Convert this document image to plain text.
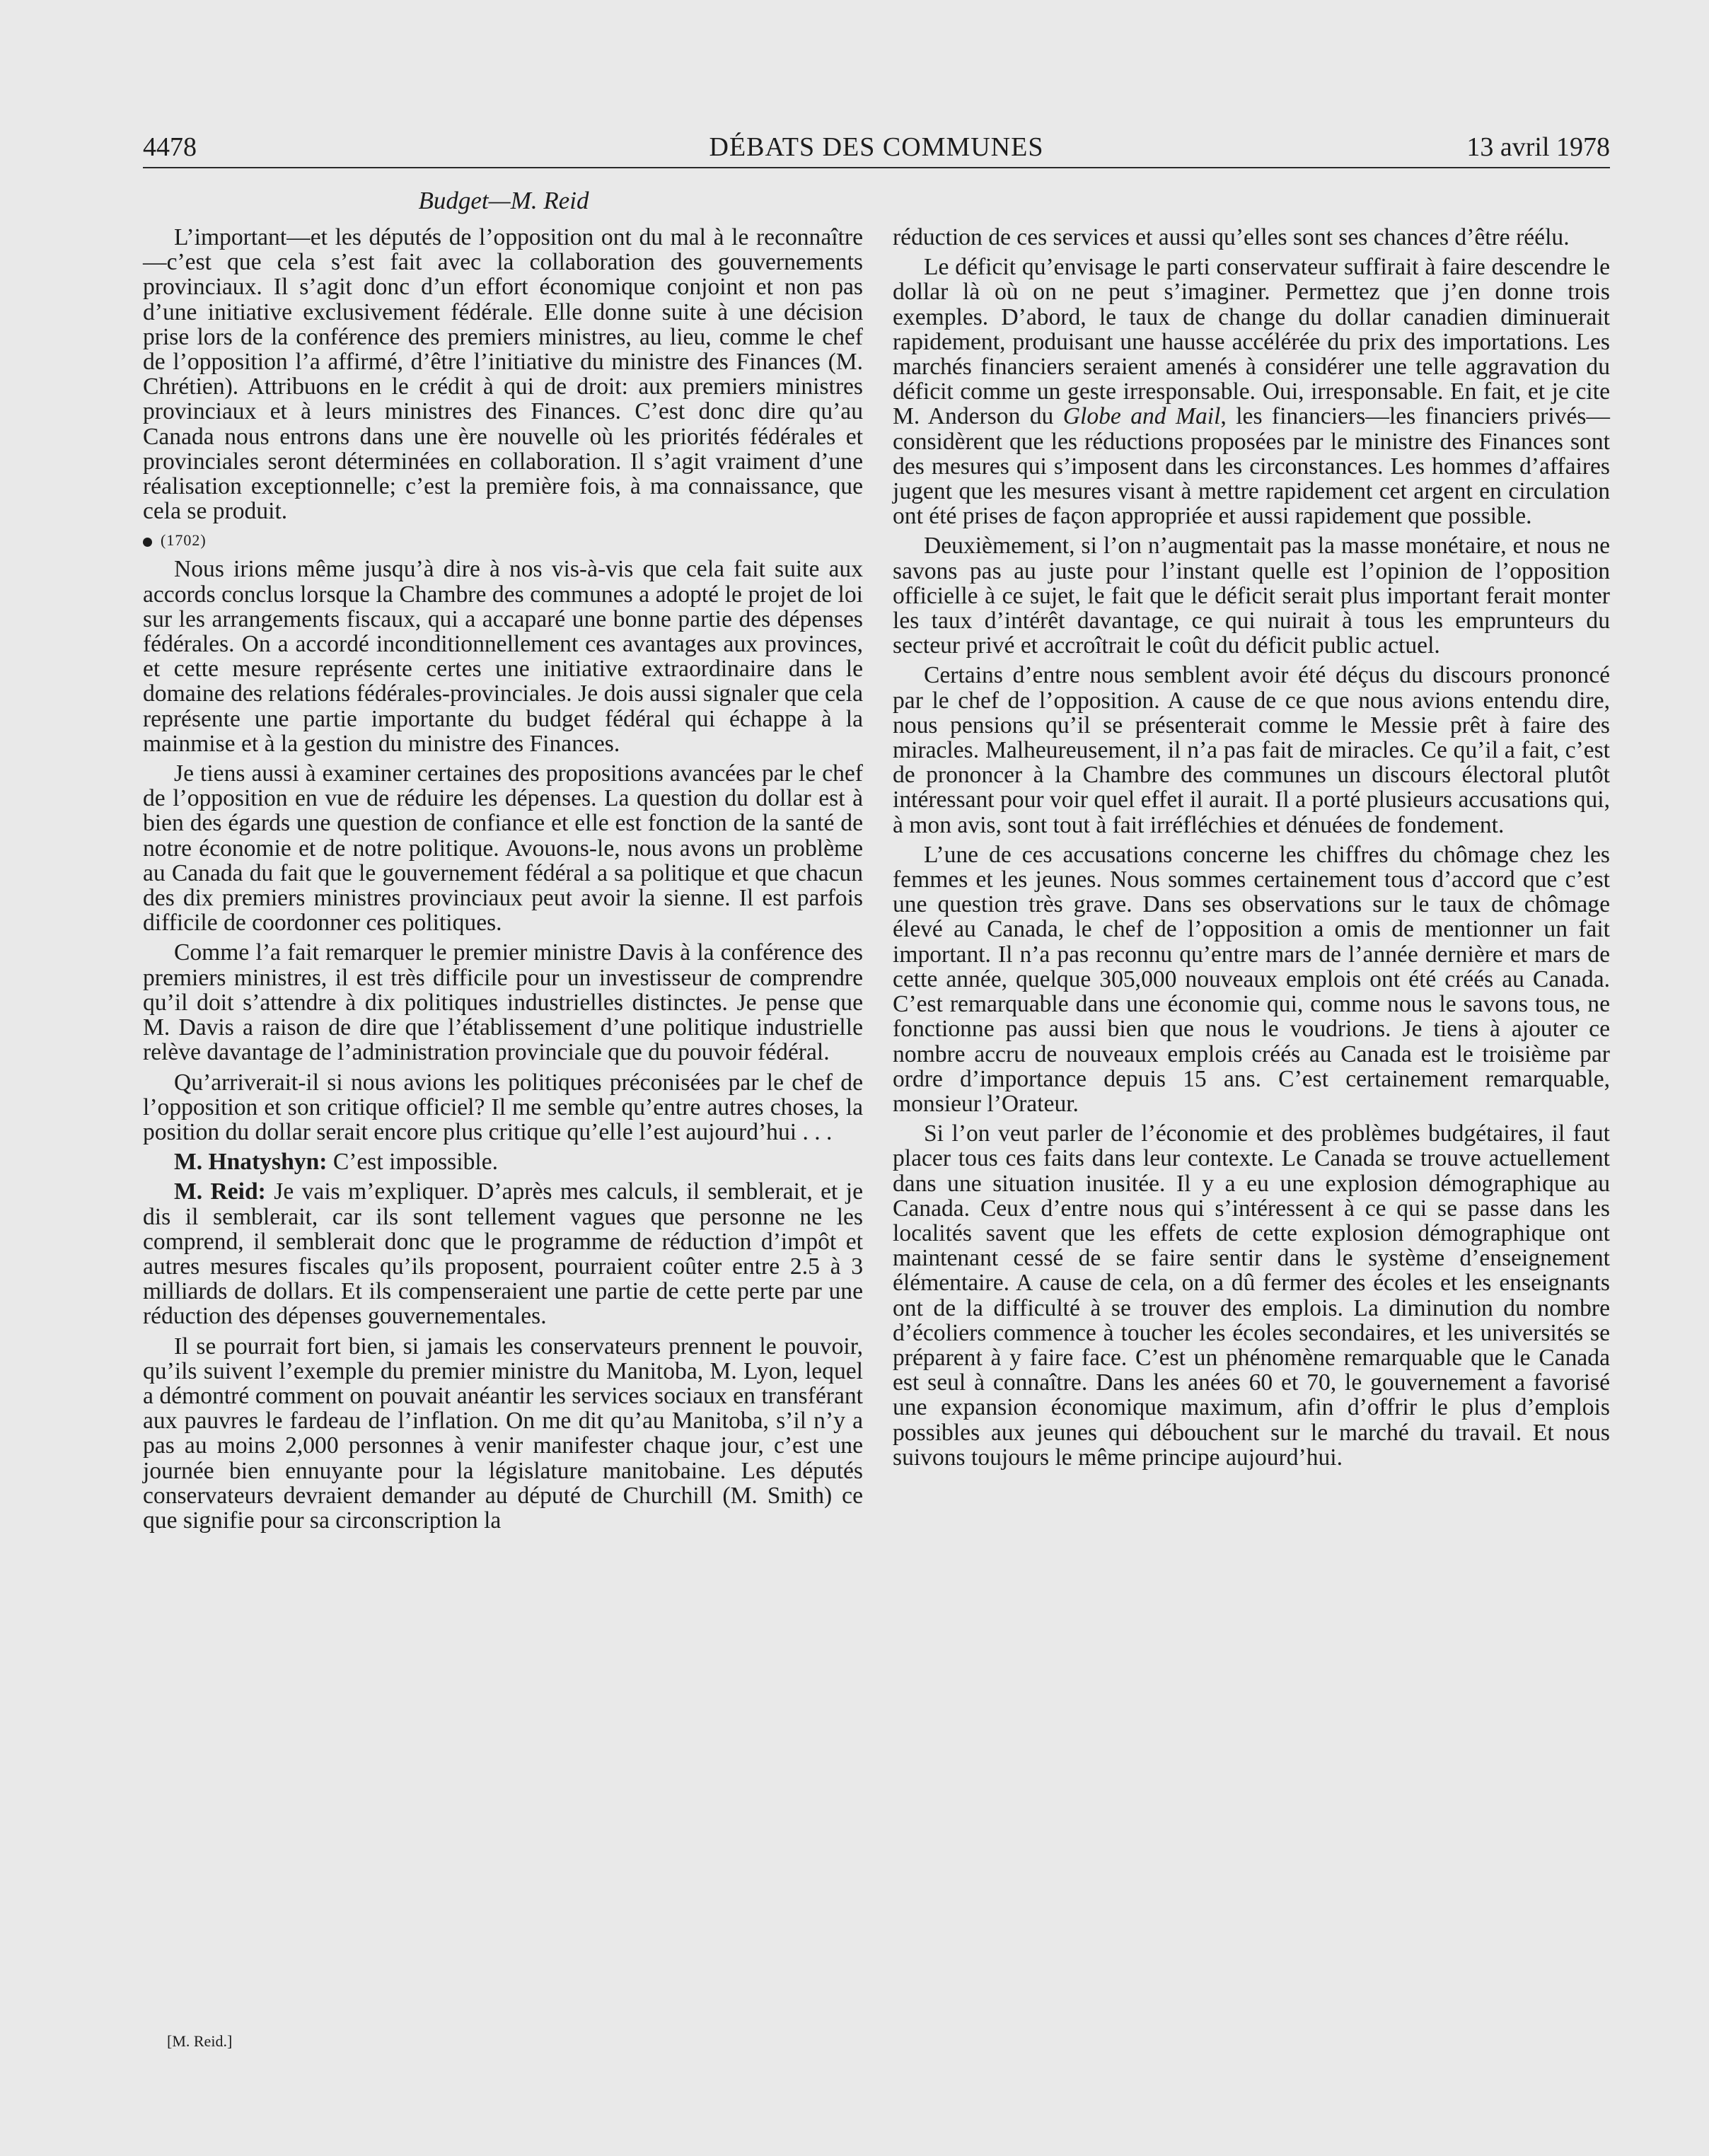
4478	DÉBATS DES COMMUNES	13 avril 1978
Budget—M. Reid

L’important—et les députés de l’opposition ont du mal à le reconnaître—c’est que cela s’est fait avec la collaboration des gouvernements provinciaux. Il s’agit donc d’un effort économique conjoint et non pas d’une initiative exclusivement fédérale. Elle donne suite à une décision prise lors de la conférence des premiers ministres, au lieu, comme le chef de l’opposition l’a affirmé, d’être l’initiative du ministre des Finances (M. Chrétien). Attribuons en le crédit à qui de droit: aux premiers ministres provinciaux et à leurs ministres des Finances. C’est donc dire qu’au Canada nous entrons dans une ère nouvelle où les priorités fédérales et provinciales seront déterminées en collaboration. Il s’agit vraiment d’une réalisation exceptionnelle; c’est la première fois, à ma connaissance, que cela se produit.

(1702)

Nous irions même jusqu’à dire à nos vis-à-vis que cela fait suite aux accords conclus lorsque la Chambre des communes a adopté le projet de loi sur les arrangements fiscaux, qui a accaparé une bonne partie des dépenses fédérales. On a accordé inconditionnellement ces avantages aux provinces, et cette mesure représente certes une initiative extraordinaire dans le domaine des relations fédérales-provinciales. Je dois aussi signaler que cela représente une partie importante du budget fédéral qui échappe à la mainmise et à la gestion du ministre des Finances.

Je tiens aussi à examiner certaines des propositions avancées par le chef de l’opposition en vue de réduire les dépenses. La question du dollar est à bien des égards une question de confiance et elle est fonction de la santé de notre économie et de notre politique. Avouons-le, nous avons un problème au Canada du fait que le gouvernement fédéral a sa politique et que chacun des dix premiers ministres provinciaux peut avoir la sienne. Il est parfois difficile de coordonner ces politiques.

Comme l’a fait remarquer le premier ministre Davis à la conférence des premiers ministres, il est très difficile pour un investisseur de comprendre qu’il doit s’attendre à dix politiques industrielles distinctes. Je pense que M. Davis a raison de dire que l’établissement d’une politique industrielle relève davantage de l’administration provinciale que du pouvoir fédéral.

Qu’arriverait-il si nous avions les politiques préconisées par le chef de l’opposition et son critique officiel? Il me semble qu’entre autres choses, la position du dollar serait encore plus critique qu’elle l’est aujourd’hui . . .

M. Hnatyshyn: C’est impossible.

M. Reid: Je vais m’expliquer. D’après mes calculs, il semblerait, et je dis il semblerait, car ils sont tellement vagues que personne ne les comprend, il semblerait donc que le programme de réduction d’impôt et autres mesures fiscales qu’ils proposent, pourraient coûter entre 2.5 à 3 milliards de dollars. Et ils compenseraient une partie de cette perte par une réduction des dépenses gouvernementales.

Il se pourrait fort bien, si jamais les conservateurs prennent le pouvoir, qu’ils suivent l’exemple du premier ministre du Manitoba, M. Lyon, lequel a démontré comment on pouvait anéantir les services sociaux en transférant aux pauvres le fardeau de l’inflation. On me dit qu’au Manitoba, s’il n’y a pas au moins 2,000 personnes à venir manifester chaque jour, c’est une journée bien ennuyante pour la législature manitobaine. Les députés conservateurs devraient demander au député de Churchill (M. Smith) ce que signifie pour sa circonscription la

réduction de ces services et aussi qu’elles sont ses chances d’être réélu.

Le déficit qu’envisage le parti conservateur suffirait à faire descendre le dollar là où on ne peut s’imaginer. Permettez que j’en donne trois exemples. D’abord, le taux de change du dollar canadien diminuerait rapidement, produisant une hausse accélérée du prix des importations. Les marchés financiers seraient amenés à considérer une telle aggravation du déficit comme un geste irresponsable. Oui, irresponsable. En fait, et je cite M. Anderson du Globe and Mail, les financiers—les financiers privés—considèrent que les réductions proposées par le ministre des Finances sont des mesures qui s’imposent dans les circonstances. Les hommes d’affaires jugent que les mesures visant à mettre rapidement cet argent en circulation ont été prises de façon appropriée et aussi rapidement que possible.

Deuxièmement, si l’on n’augmentait pas la masse monétaire, et nous ne savons pas au juste pour l’instant quelle est l’opinion de l’opposition officielle à ce sujet, le fait que le déficit serait plus important ferait monter les taux d’intérêt davantage, ce qui nuirait à tous les emprunteurs du secteur privé et accroîtrait le coût du déficit public actuel.

Certains d’entre nous semblent avoir été déçus du discours prononcé par le chef de l’opposition. A cause de ce que nous avions entendu dire, nous pensions qu’il se présenterait comme le Messie prêt à faire des miracles. Malheureusement, il n’a pas fait de miracles. Ce qu’il a fait, c’est de prononcer à la Chambre des communes un discours électoral plutôt intéressant pour voir quel effet il aurait. Il a porté plusieurs accusations qui, à mon avis, sont tout à fait irréfléchies et dénuées de fondement.

L’une de ces accusations concerne les chiffres du chômage chez les femmes et les jeunes. Nous sommes certainement tous d’accord que c’est une question très grave. Dans ses observations sur le taux de chômage élevé au Canada, le chef de l’opposition a omis de mentionner un fait important. Il n’a pas reconnu qu’entre mars de l’année dernière et mars de cette année, quelque 305,000 nouveaux emplois ont été créés au Canada. C’est remarquable dans une économie qui, comme nous le savons tous, ne fonctionne pas aussi bien que nous le voudrions. Je tiens à ajouter ce nombre accru de nouveaux emplois créés au Canada est le troisième par ordre d’importance depuis 15 ans. C’est certainement remarquable, monsieur l’Orateur.

Si l’on veut parler de l’économie et des problèmes budgétaires, il faut placer tous ces faits dans leur contexte. Le Canada se trouve actuellement dans une situation inusitée. Il y a eu une explosion démographique au Canada. Ceux d’entre nous qui s’intéressent à ce qui se passe dans les localités savent que les effets de cette explosion démographique ont maintenant cessé de se faire sentir dans le système d’enseignement élémentaire. A cause de cela, on a dû fermer des écoles et les enseignants ont de la difficulté à se trouver des emplois. La diminution du nombre d’écoliers commence à toucher les écoles secondaires, et les universités se préparent à y faire face. C’est un phénomène remarquable que le Canada est seul à connaître. Dans les anées 60 et 70, le gouvernement a favorisé une expansion économique maximum, afin d’offrir le plus d’emplois possibles aux jeunes qui débouchent sur le marché du travail. Et nous suivons toujours le même principe aujourd’hui.

[M. Reid.]
